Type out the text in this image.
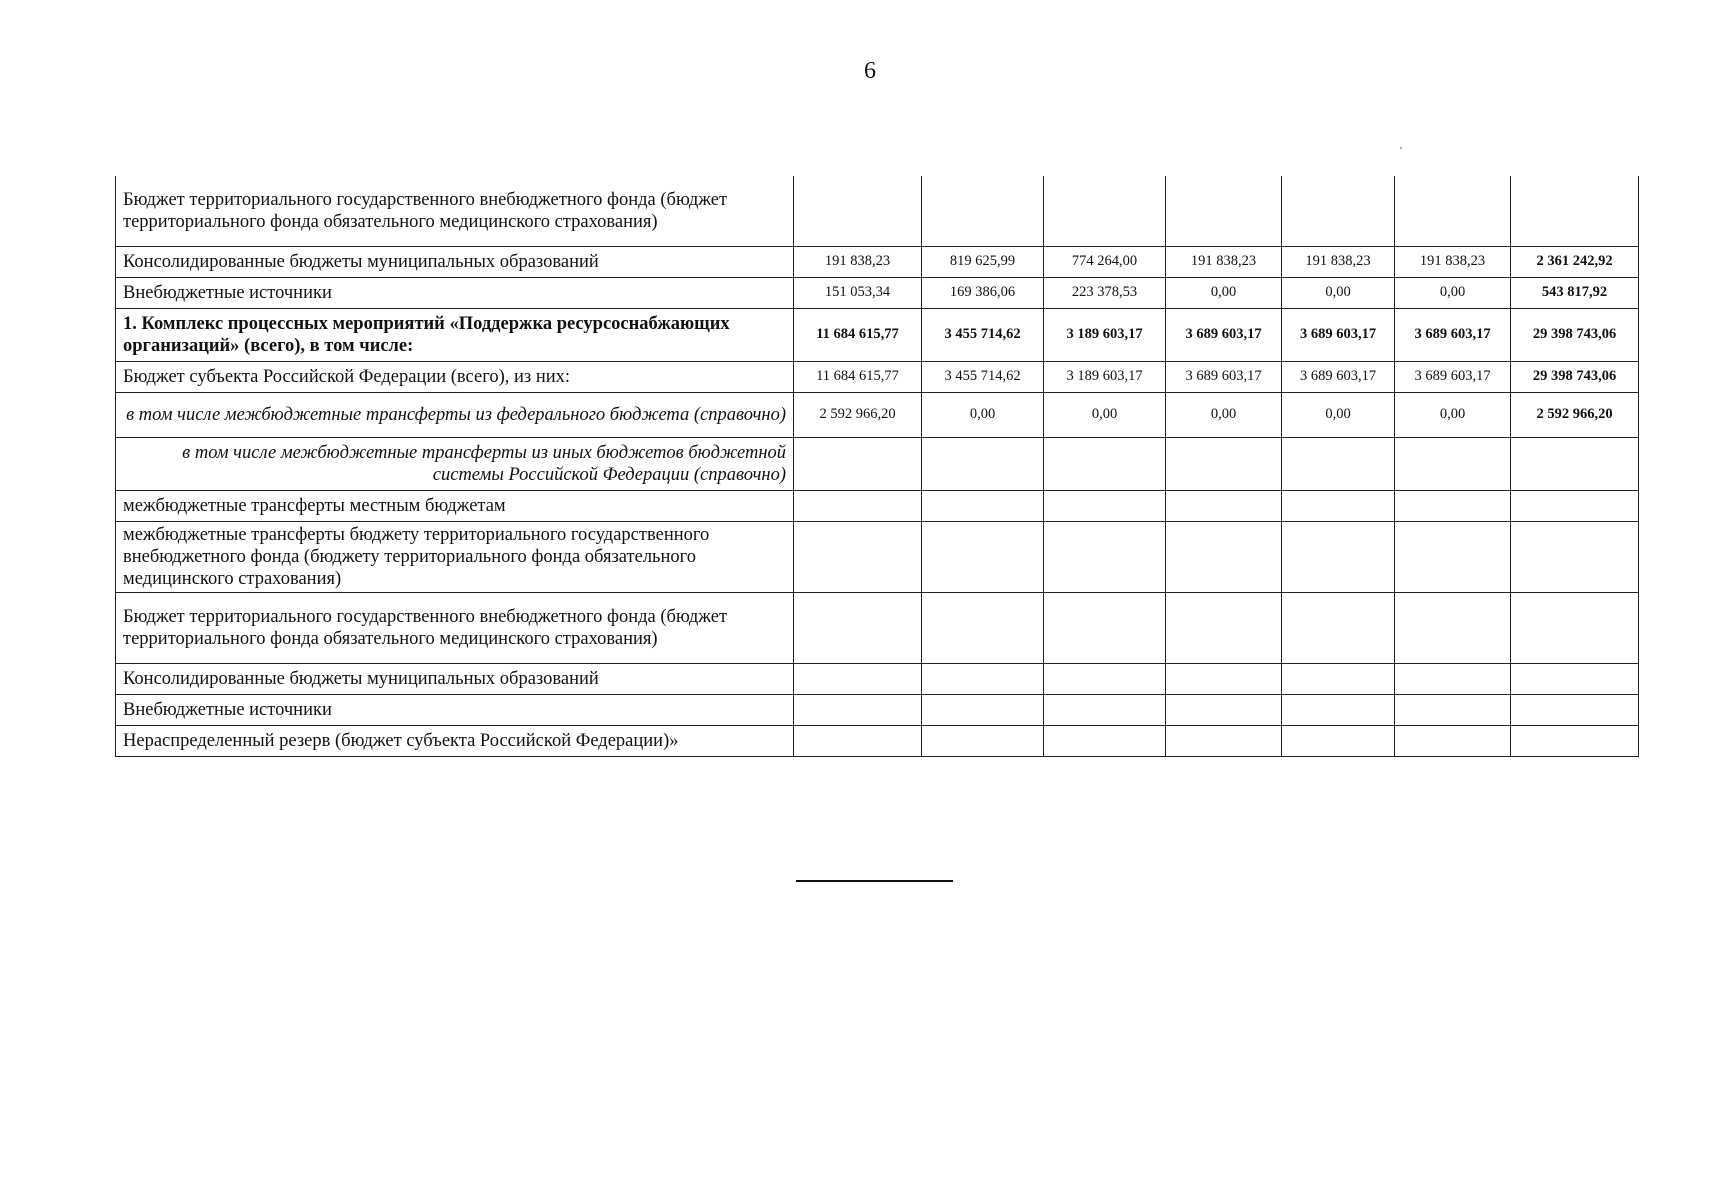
6
Бюджет территориального государственного внебюджетного фонда (бюджет территориального фонда обязательного медицинского страхования)							
Консолидированные бюджеты муниципальных образований	191 838,23	819 625,99	774 264,00	191 838,23	191 838,23	191 838,23	2 361 242,92
Внебюджетные источники	151 053,34	169 386,06	223 378,53	0,00	0,00	0,00	543 817,92
1. Комплекс процессных мероприятий «Поддержка ресурсоснабжающих организаций» (всего), в том числе:	11 684 615,77	3 455 714,62	3 189 603,17	3 689 603,17	3 689 603,17	3 689 603,17	29 398 743,06
Бюджет субъекта Российской Федерации (всего), из них:	11 684 615,77	3 455 714,62	3 189 603,17	3 689 603,17	3 689 603,17	3 689 603,17	29 398 743,06
в том числе межбюджетные трансферты из федерального бюджета (справочно)	2 592 966,20	0,00	0,00	0,00	0,00	0,00	2 592 966,20
в том числе межбюджетные трансферты из иных бюджетов бюджетной системы Российской Федерации (справочно)							
межбюджетные трансферты местным бюджетам							
межбюджетные трансферты бюджету территориального государственного внебюджетного фонда (бюджету территориального фонда обязательного медицинского страхования)							
Бюджет территориального государственного внебюджетного фонда (бюджет территориального фонда обязательного медицинского страхования)							
Консолидированные бюджеты муниципальных образований							
Внебюджетные источники							
Нераспределенный резерв (бюджет субъекта Российской Федерации)»							
